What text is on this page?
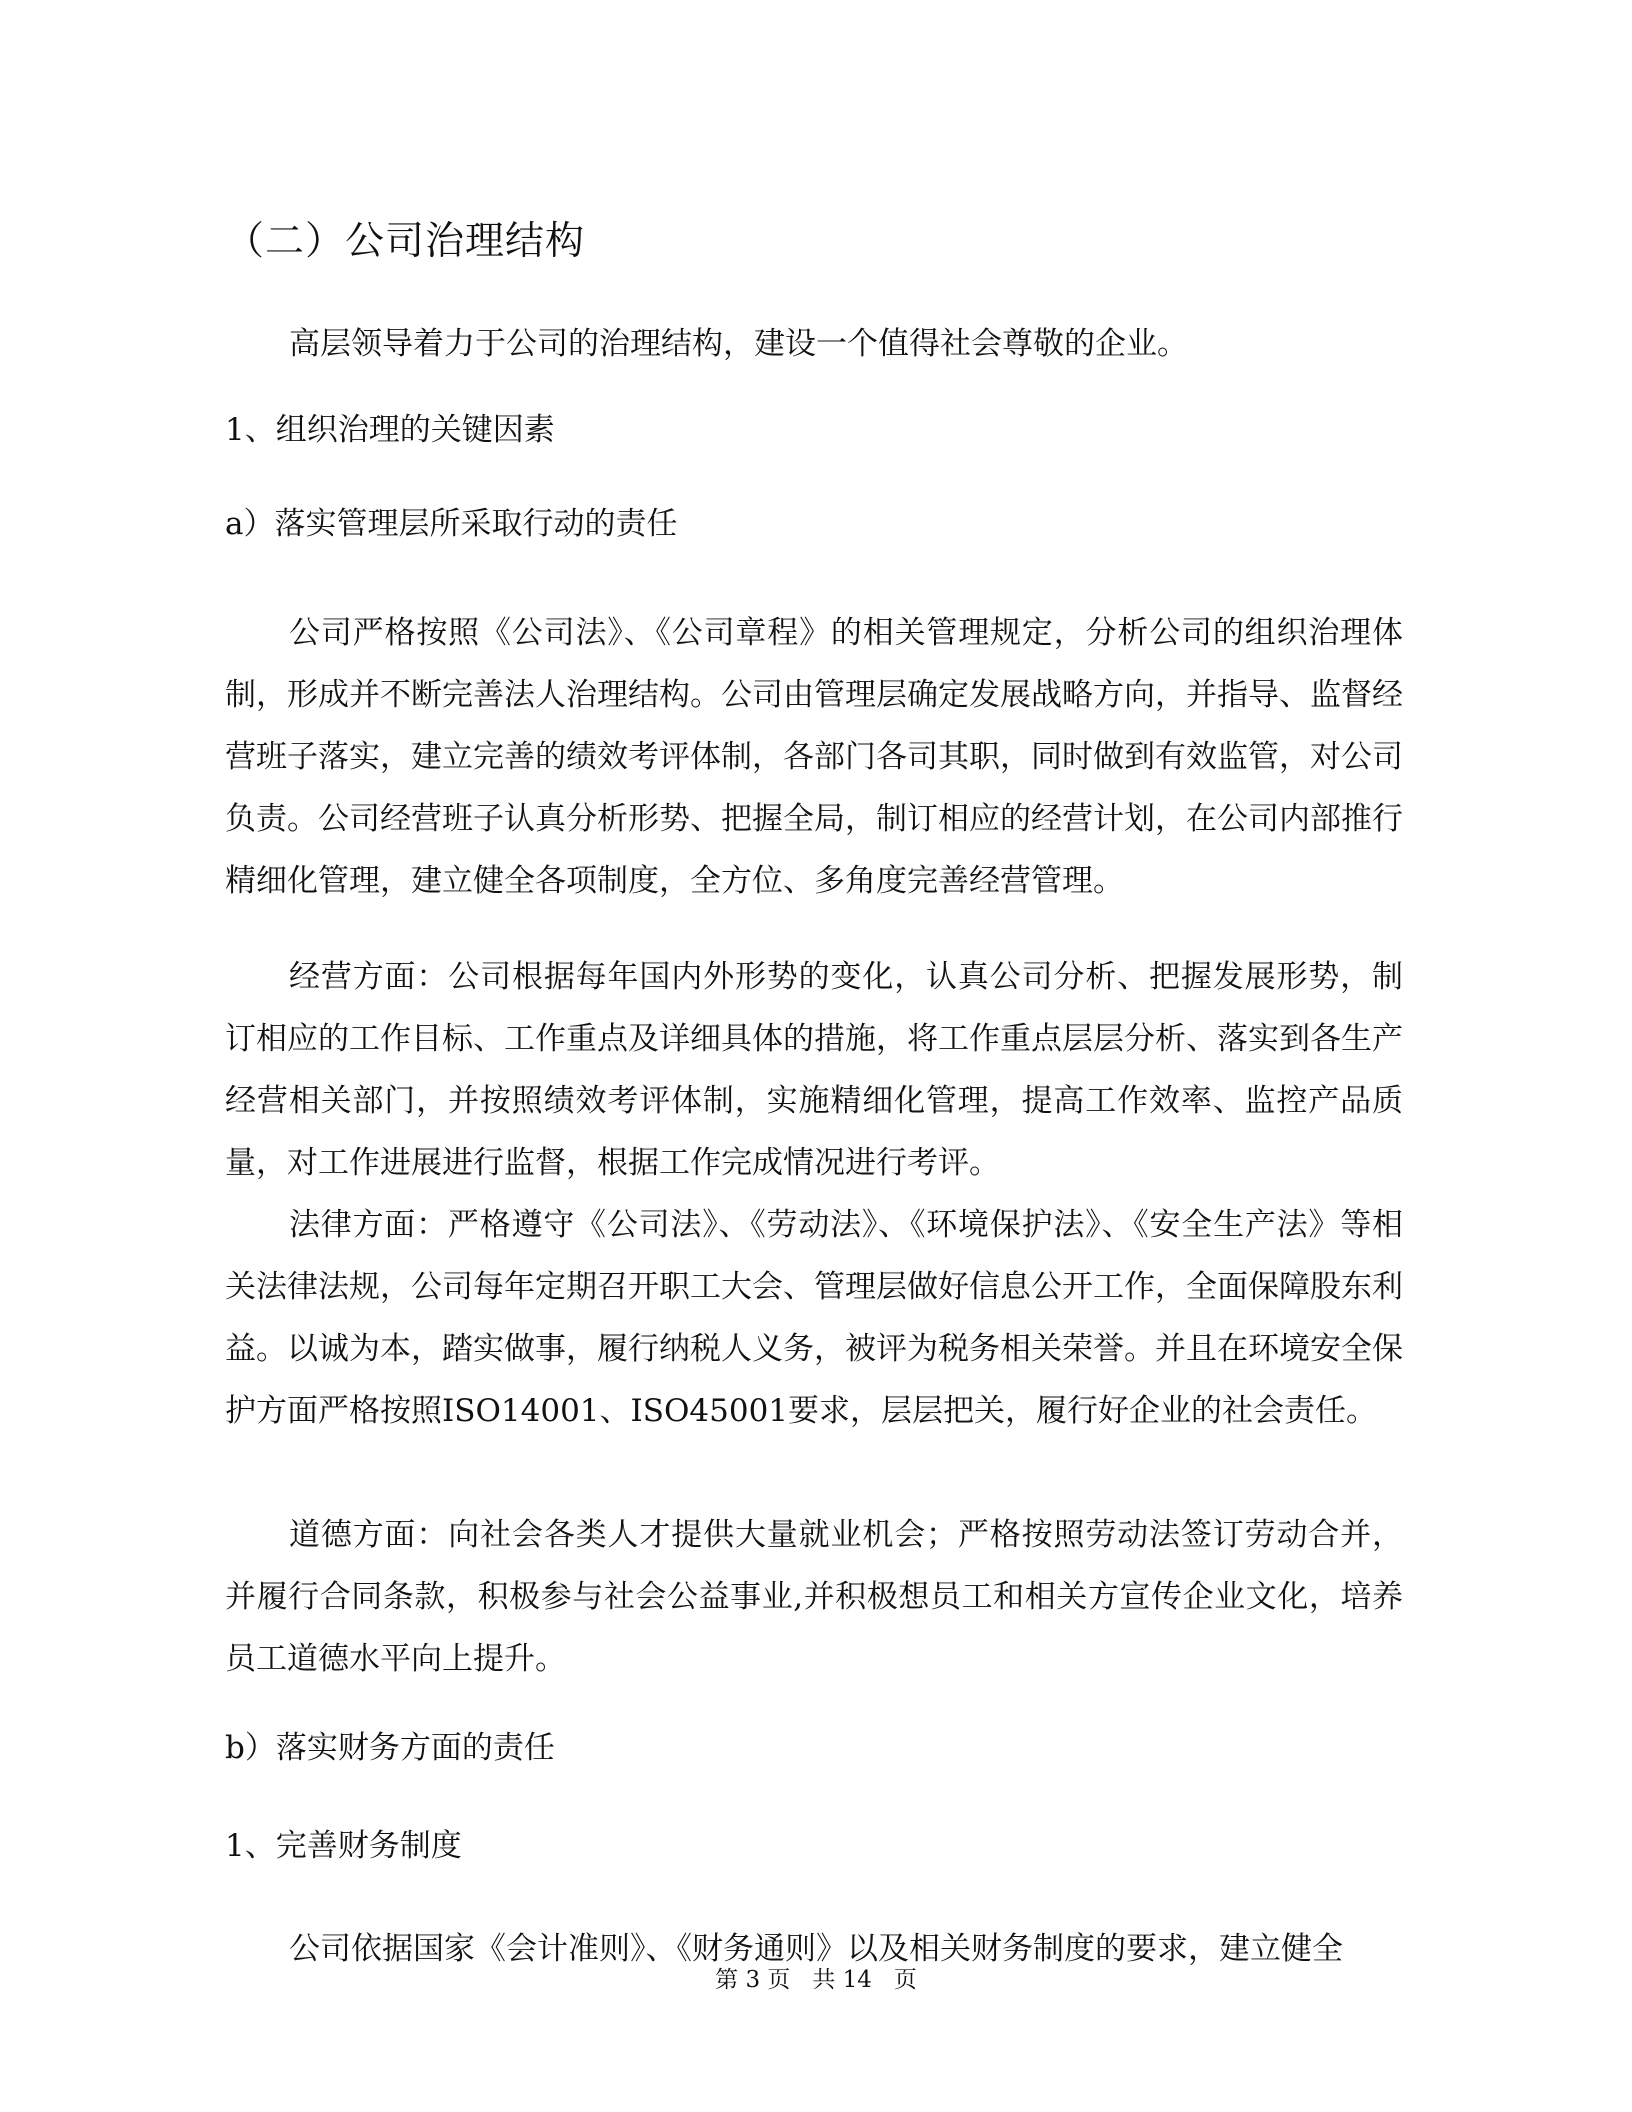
（二）公司治理结构
高层领导着力于公司的治理结构，建设一个值得社会尊敬的企业。
1、组织治理的关键因素
a）落实管理层所采取行动的责任
公司严格按照《公司法》、《公司章程》的相关管理规定，分析公司的组织治理体制，形成并不断完善法人治理结构。公司由管理层确定发展战略方向，并指导、监督经营班子落实，建立完善的绩效考评体制，各部门各司其职，同时做到有效监管，对公司负责。公司经营班子认真分析形势、把握全局，制订相应的经营计划，在公司内部推行精细化管理，建立健全各项制度，全方位、多角度完善经营管理。
经营方面：公司根据每年国内外形势的变化，认真公司分析、把握发展形势，制订相应的工作目标、工作重点及详细具体的措施，将工作重点层层分析、落实到各生产经营相关部门，并按照绩效考评体制，实施精细化管理，提高工作效率、监控产品质量，对工作进展进行监督，根据工作完成情况进行考评。
法律方面：严格遵守《公司法》、《劳动法》、《环境保护法》、《安全生产法》等相关法律法规，公司每年定期召开职工大会、管理层做好信息公开工作，全面保障股东利益。以诚为本，踏实做事，履行纳税人义务，被评为税务相关荣誉。并且在环境安全保护方面严格按照ISO14001、ISO45001要求，层层把关，履行好企业的社会责任。
道德方面：向社会各类人才提供大量就业机会；严格按照劳动法签订劳动合并，并履行合同条款，积极参与社会公益事业,并积极想员工和相关方宣传企业文化，培养员工道德水平向上提升。
b）落实财务方面的责任
1、完善财务制度
公司依据国家《会计准则》、《财务通则》以及相关财务制度的要求，建立健全
第 3 页   共 14   页
